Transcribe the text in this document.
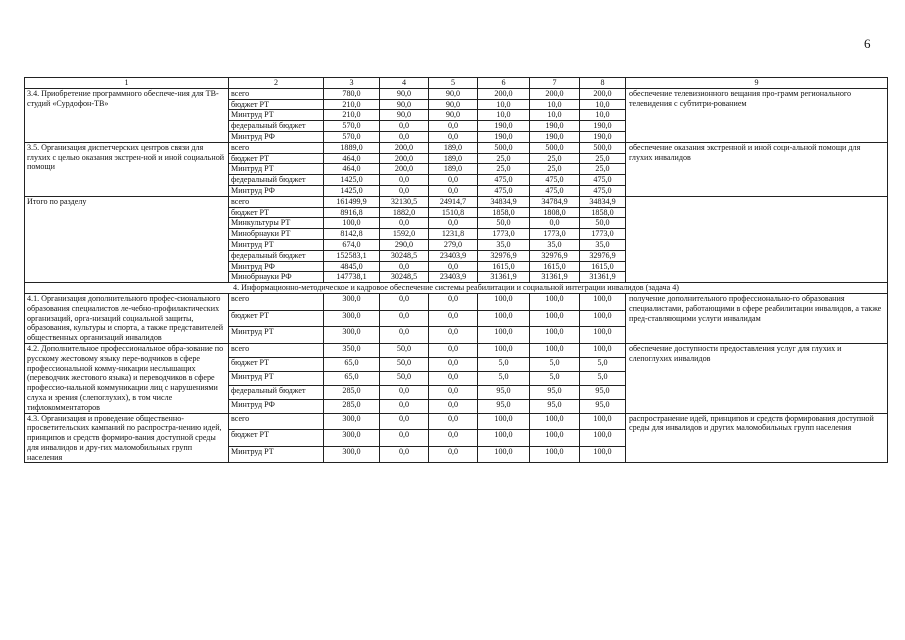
6
1	2	3	4	5	6	7	8	9
3.4. Приобретение программного обеспече-ния для ТВ-студий «Сурдофон-ТВ»	всего	780,0	90,0	90,0	200,0	200,0	200,0	обеспечение телевизионного вещания про-грамм регионального телевидения с субтитри-рованием
	бюджет РТ	210,0	90,0	90,0	10,0	10,0	10,0	
	Минтруд РТ	210,0	90,0	90,0	10,0	10,0	10,0	
	федеральный бюджет	570,0	0,0	0,0	190,0	190,0	190,0	
	Минтруд РФ	570,0	0,0	0,0	190,0	190,0	190,0	
3.5. Организация диспетчерских центров связи для глухих с целью оказания экстрен-ной и иной социальной помощи	всего	1889,0	200,0	189,0	500,0	500,0	500,0	обеспечение оказания экстренной и иной соци-альной помощи для глухих инвалидов
	бюджет РТ	464,0	200,0	189,0	25,0	25,0	25,0	
	Минтруд РТ	464,0	200,0	189,0	25,0	25,0	25,0	
	федеральный бюджет	1425,0	0,0	0,0	475,0	475,0	475,0	
	Минтруд РФ	1425,0	0,0	0,0	475,0	475,0	475,0	
Итого по разделу	всего	161499,9	32130,5	24914,7	34834,9	34784,9	34834,9	
	бюджет РТ	8916,8	1882,0	1510,8	1858,0	1808,0	1858,0	
	Минкультуры РТ	100,0	0,0	0,0	50,0	0,0	50,0	
	Минобрнауки РТ	8142,8	1592,0	1231,8	1773,0	1773,0	1773,0	
	Минтруд РТ	674,0	290,0	279,0	35,0	35,0	35,0	
	федеральный бюджет	152583,1	30248,5	23403,9	32976,9	32976,9	32976,9	
	Минтруд РФ	4845,0	0,0	0,0	1615,0	1615,0	1615,0	
	Минобрнауки РФ	147738,1	30248,5	23403,9	31361,9	31361,9	31361,9	
4. Информационно-методическое и кадровое обеспечение системы реабилитации и социальной интеграции инвалидов (задача 4)								
4.1. Организация дополнительного профес-сионального образования специалистов ле-чебно-профилактических организаций, орга-низаций социальной защиты, образования, культуры и спорта, а также представителей общественных организаций инвалидов	всего	300,0	0,0	0,0	100,0	100,0	100,0	получение дополнительного профессионально-го образования специалистами, работающими в сфере реабилитации инвалидов, а также пред-ставляющими услуги инвалидам
	бюджет РТ	300,0	0,0	0,0	100,0	100,0	100,0	
	Минтруд РТ	300,0	0,0	0,0	100,0	100,0	100,0	
4.2. Дополнительное профессиональное обра-зование по русскому жестовому языку пере-водчиков в сфере профессиональной комму-никации неслышащих (переводчик жестового языка) и переводчиков в сфере профессио-нальной коммуникации лиц с нарушениями слуха и зрения (слепоглухих), в том числе тифлокомментаторов	всего	350,0	50,0	0,0	100,0	100,0	100,0	обеспечение доступности предоставления услуг для глухих и слепоглухих инвалидов
	бюджет РТ	65,0	50,0	0,0	5,0	5,0	5,0	
	Минтруд РТ	65,0	50,0	0,0	5,0	5,0	5,0	
	федеральный бюджет	285,0	0,0	0,0	95,0	95,0	95,0	
	Минтруд РФ	285,0	0,0	0,0	95,0	95,0	95,0	
4.3. Организация и проведение общественно-просветительских кампаний по распростра-нению идей, принципов и средств формиро-вания доступной среды для инвалидов и дру-гих маломобильных групп населения	всего	300,0	0,0	0,0	100,0	100,0	100,0	распространение идей, принципов и средств формирования доступной среды для инвалидов и других маломобильных групп населения
	бюджет РТ	300,0	0,0	0,0	100,0	100,0	100,0	
	Минтруд РТ	300,0	0,0	0,0	100,0	100,0	100,0	
